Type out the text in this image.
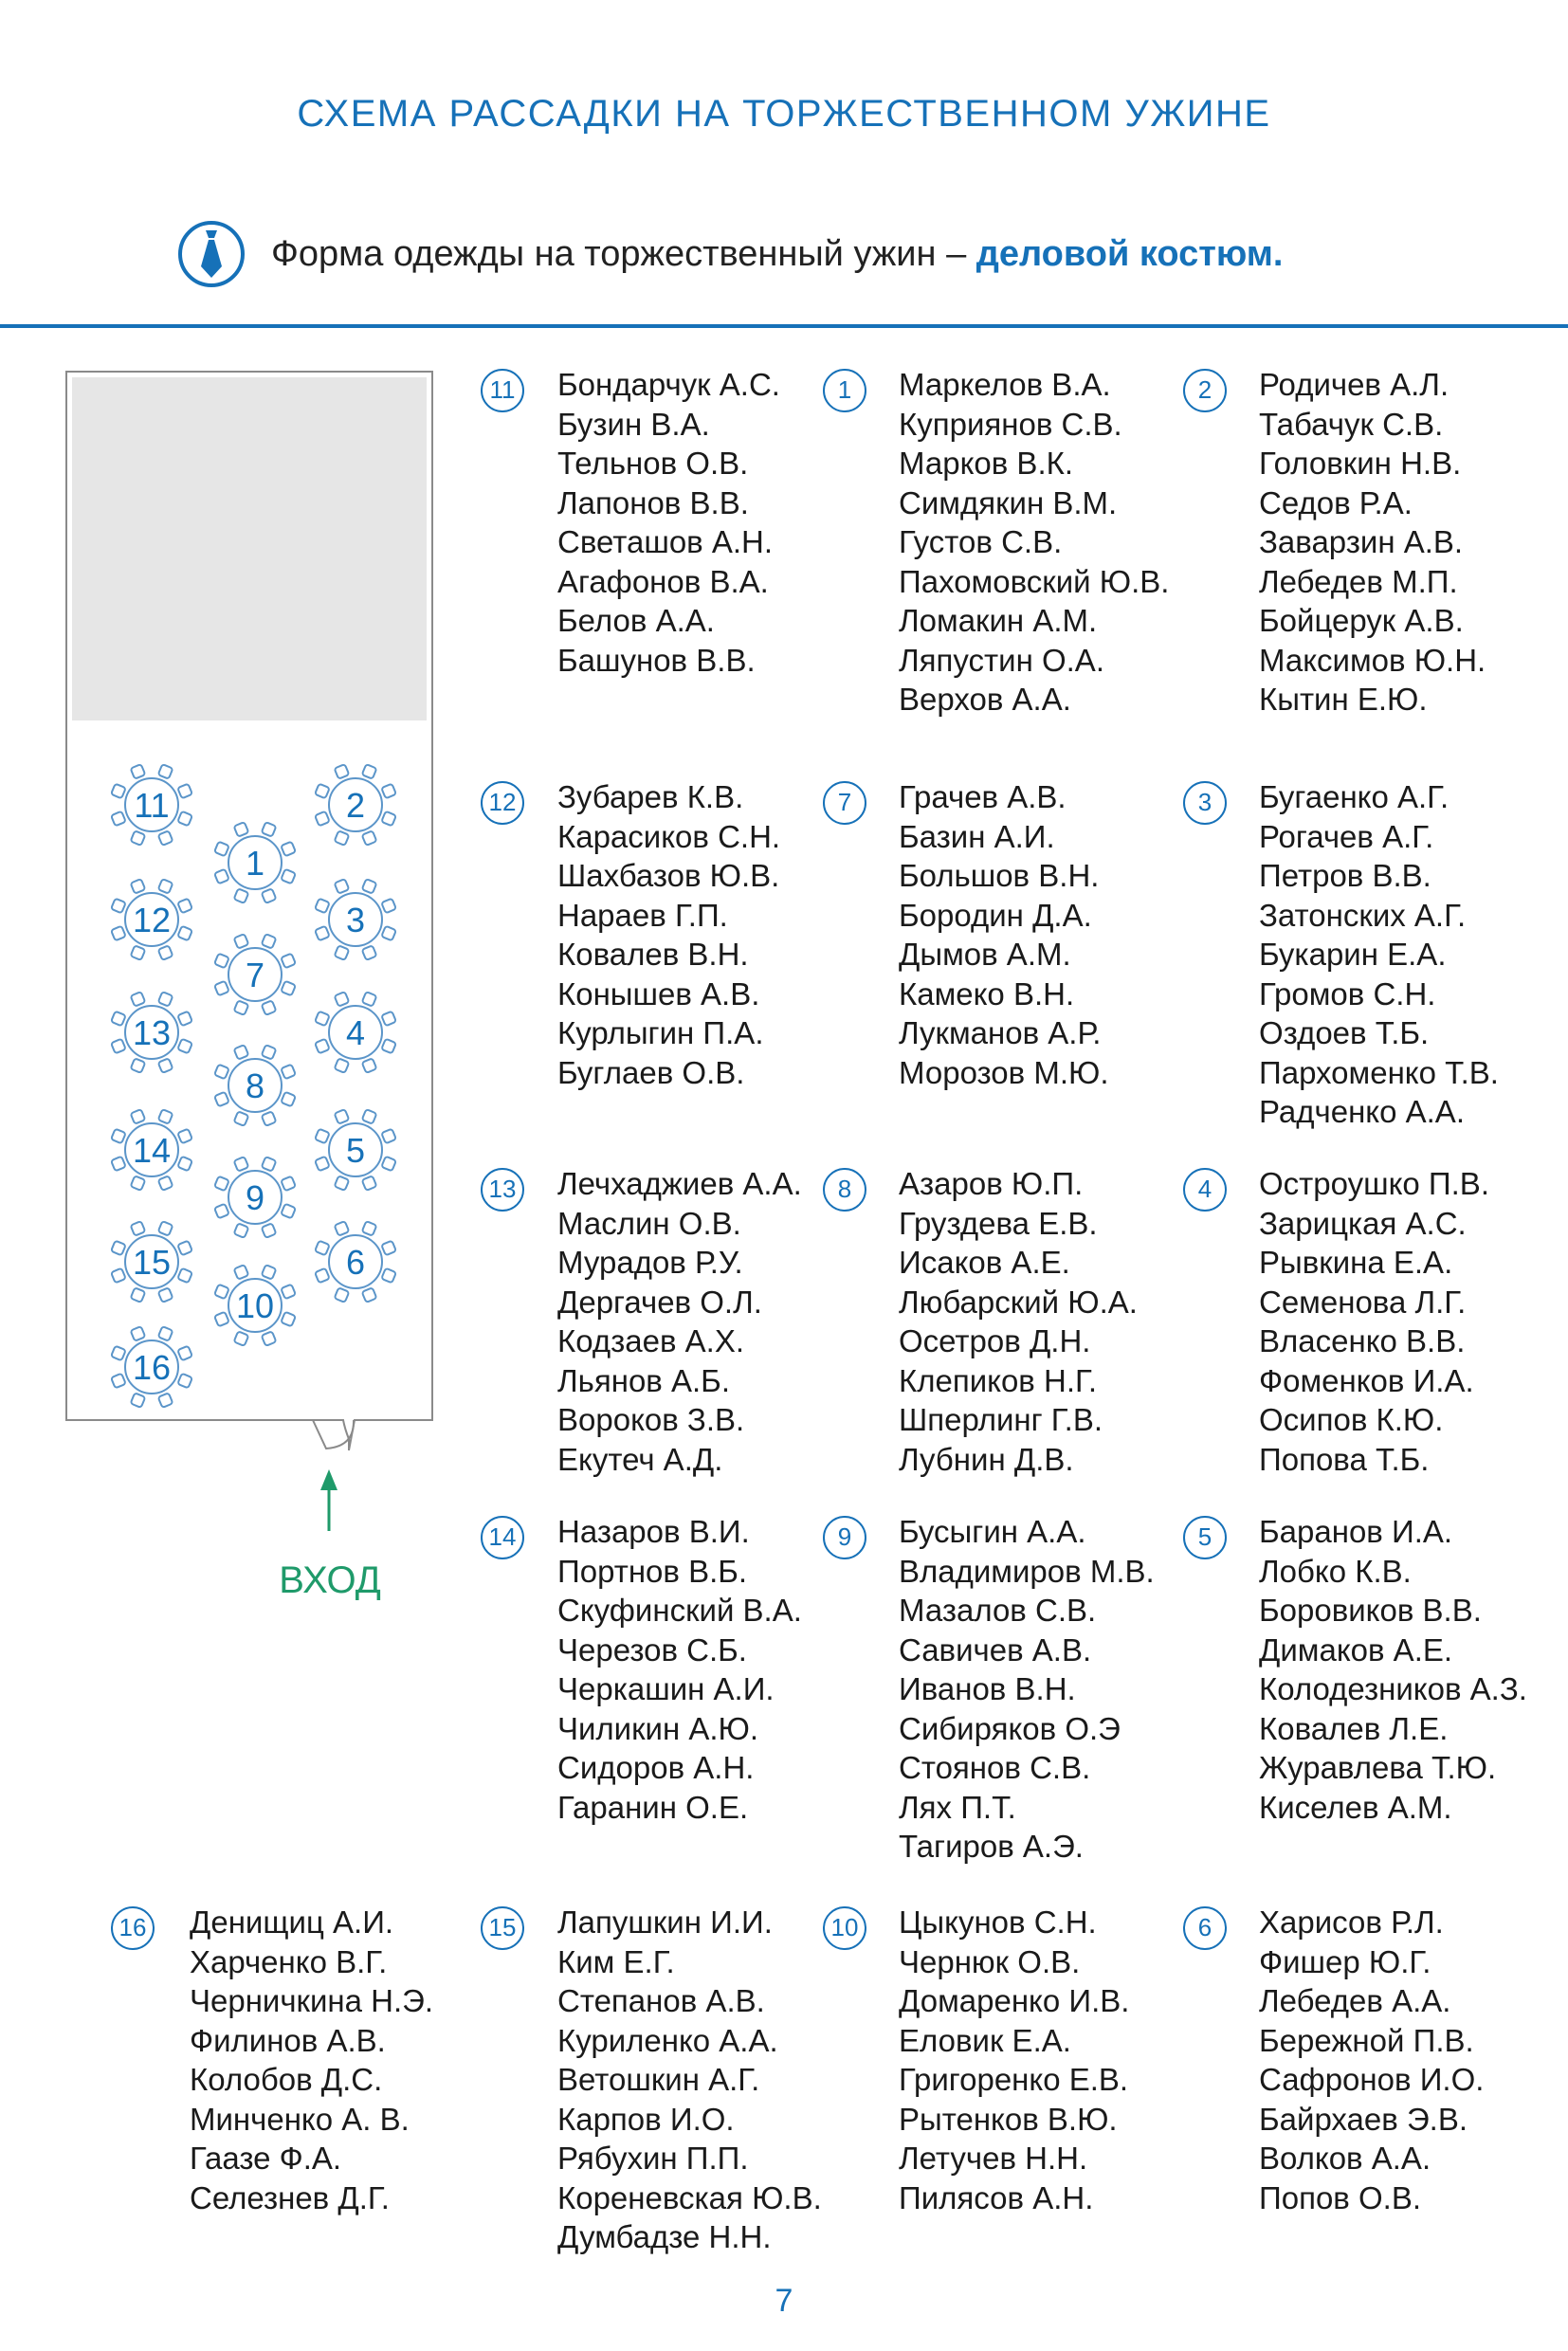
СХЕМА РАССАДКИ НА ТОРЖЕСТВЕННОМ УЖИНЕ
Форма одежды на торжественный ужин – деловой костюм.
1
2
3
4
5
6
7
8
9
10
11
12
13
14
15
16
ВХОД
11 Бондарчук А.С.
Бузин В.А.
Тельнов О.В.
Лапонов В.В.
Светашов А.Н.
Агафонов В.А.
Белов А.А.
Башунов В.В.
1	Маркелов В.А.
Куприянов С.В.
Марков В.К.
Симдякин В.М.
Густов С.В.
Пахомовский Ю.В.
Ломакин А.М.
Ляпустин О.А.
Верхов А.А.
2	Родичев А.Л.
Табачук С.В.
Головкин Н.В.
Седов Р.А.
Заварзин А.В.
Лебедев М.П.
Бойцерук А.В.
Максимов Ю.Н.
Кытин Е.Ю.
12 Зубарев К.В.
Карасиков С.Н.
Шахбазов Ю.В.
Нараев Г.П.
Ковалев В.Н.
Конышев А.В.
Курлыгин П.А.
Буглаев О.В.
7	Грачев А.В.
Базин А.И.
Большов В.Н.
Бородин Д.А.
Дымов А.М.
Камеко В.Н.
Лукманов А.Р.
Морозов М.Ю.
3	Бугаенко А.Г.
Рогачев А.Г.
Петров В.В.
Затонских А.Г.
Букарин Е.А.
Громов С.Н.
Оздоев Т.Б.
Пархоменко Т.В.
Радченко А.А.
13 Лечхаджиев А.А.
Маслин О.В.
Мурадов Р.У.
Дергачев О.Л.
Кодзаев А.Х.
Льянов А.Б.
Вороков З.В.
Екутеч А.Д.
8	Азаров Ю.П.
Груздева Е.В.
Исаков А.Е.
Любарский Ю.А.
Осетров Д.Н.
Клепиков Н.Г.
Шперлинг Г.В.
Лубнин Д.В.
4	Остроушко П.В.
Зарицкая А.С.
Рывкина Е.А.
Семенова Л.Г.
Власенко В.В.
Фоменков И.А.
Осипов К.Ю.
Попова Т.Б.
14 Назаров В.И.
Портнов В.Б.
Скуфинский В.А.
Черезов С.Б.
Черкашин А.И.
Чиликин А.Ю.
Сидоров А.Н.
Гаранин О.Е.
9	Бусыгин А.А.
Владимиров М.В.
Мазалов С.В.
Савичев А.В.
Иванов В.Н.
Сибиряков О.Э
Стоянов С.В.
Лях П.Т.
Тагиров А.Э.
5	Баранов И.А.
Лобко К.В.
Боровиков В.В.
Димаков А.Е.
Колодезников А.З.
Ковалев Л.Е.
Журавлева Т.Ю.
Киселев А.М.
16 Денищиц А.И.
Харченко В.Г.
Черничкина Н.Э.
Филинов А.В.
Колобов Д.С.
Минченко А. В.
Гаазе Ф.А.
Селезнев Д.Г.
15 Лапушкин И.И.
Ким Е.Г.
Степанов А.В.
Куриленко А.А.
Ветошкин А.Г.
Карпов И.О.
Рябухин П.П.
Кореневская Ю.В.
Думбадзе Н.Н.
10 Цыкунов С.Н.
Чернюк О.В.
Домаренко И.В.
Еловик Е.А.
Григоренко Е.В.
Рытенков В.Ю.
Летучев Н.Н.
Пилясов А.Н.
6	Харисов Р.Л.
Фишер Ю.Г.
Лебедев А.А.
Бережной П.В.
Сафронов И.О.
Байрхаев Э.В.
Волков А.А.
Попов О.В.
7
